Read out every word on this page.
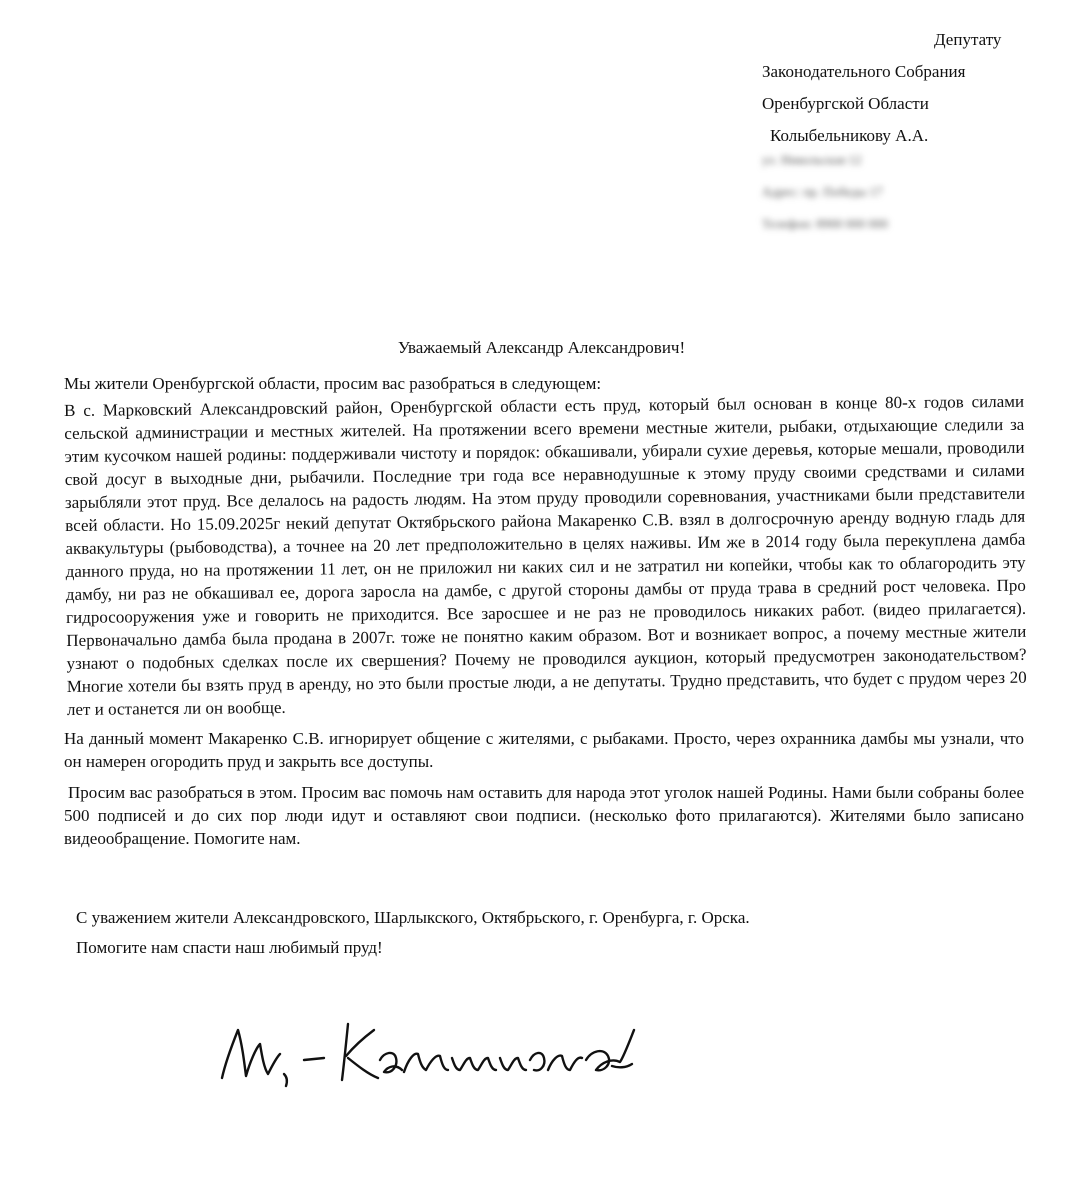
Депутату
Законодательного Собрания
Оренбургской Области
Колыбельникову А.А.
ул. Никольская 12
Адрес: пр. Победы 17
Телефон: 8900 000 000
Уважаемый Александр Александрович!

Мы жители Оренбургской области, просим вас разобраться в следующем:

В с. Марковский Александровский район, Оренбургской области есть пруд, который был основан в конце 80-х годов силами сельской администрации и местных жителей. На протяжении всего времени местные жители, рыбаки, отдыхающие следили за этим кусочком нашей родины: поддерживали чистоту и порядок: обкашивали, убирали сухие деревья, которые мешали, проводили свой досуг в выходные дни, рыбачили. Последние три года все неравнодушные к этому пруду своими средствами и силами зарыбляли этот пруд. Все делалось на радость людям. На этом пруду проводили соревнования, участниками были представители всей области. Но 15.09.2025г некий депутат Октябрьского района Макаренко С.В. взял в долгосрочную аренду водную гладь для аквакультуры (рыбоводства), а точнее на 20 лет предположительно в целях наживы. Им же в 2014 году была перекуплена дамба данного пруда, но на протяжении 11 лет, он не приложил ни каких сил и не затратил ни копейки, чтобы как то облагородить эту дамбу, ни раз не обкашивал ее, дорога заросла на дамбе, с другой стороны дамбы от пруда трава в средний рост человека. Про гидросооружения уже и говорить не приходится. Все заросшее и не раз не проводилось никаких работ. (видео прилагается). Первоначально дамба была продана в 2007г. тоже не понятно каким образом. Вот и возникает вопрос, а почему местные жители узнают о подобных сделках после их свершения? Почему не проводился аукцион, который предусмотрен законодательством? Многие хотели бы взять пруд в аренду, но это были простые люди, а не депутаты. Трудно представить, что будет с прудом через 20 лет и останется ли он вообще.

На данный момент Макаренко С.В. игнорирует общение с жителями, с рыбаками. Просто, через охранника дамбы мы узнали, что он намерен огородить пруд и закрыть все доступы.

Просим вас разобраться в этом. Просим вас помочь нам оставить для народа этот уголок нашей Родины. Нами были собраны более 500 подписей и до сих пор люди идут и оставляют свои подписи. (несколько фото прилагаются). Жителями было записано видеообращение. Помогите нам.

С уважением жители Александровского, Шарлыкского, Октябрьского, г. Оренбурга, г. Орска.
Помогите нам спасти наш любимый пруд!
